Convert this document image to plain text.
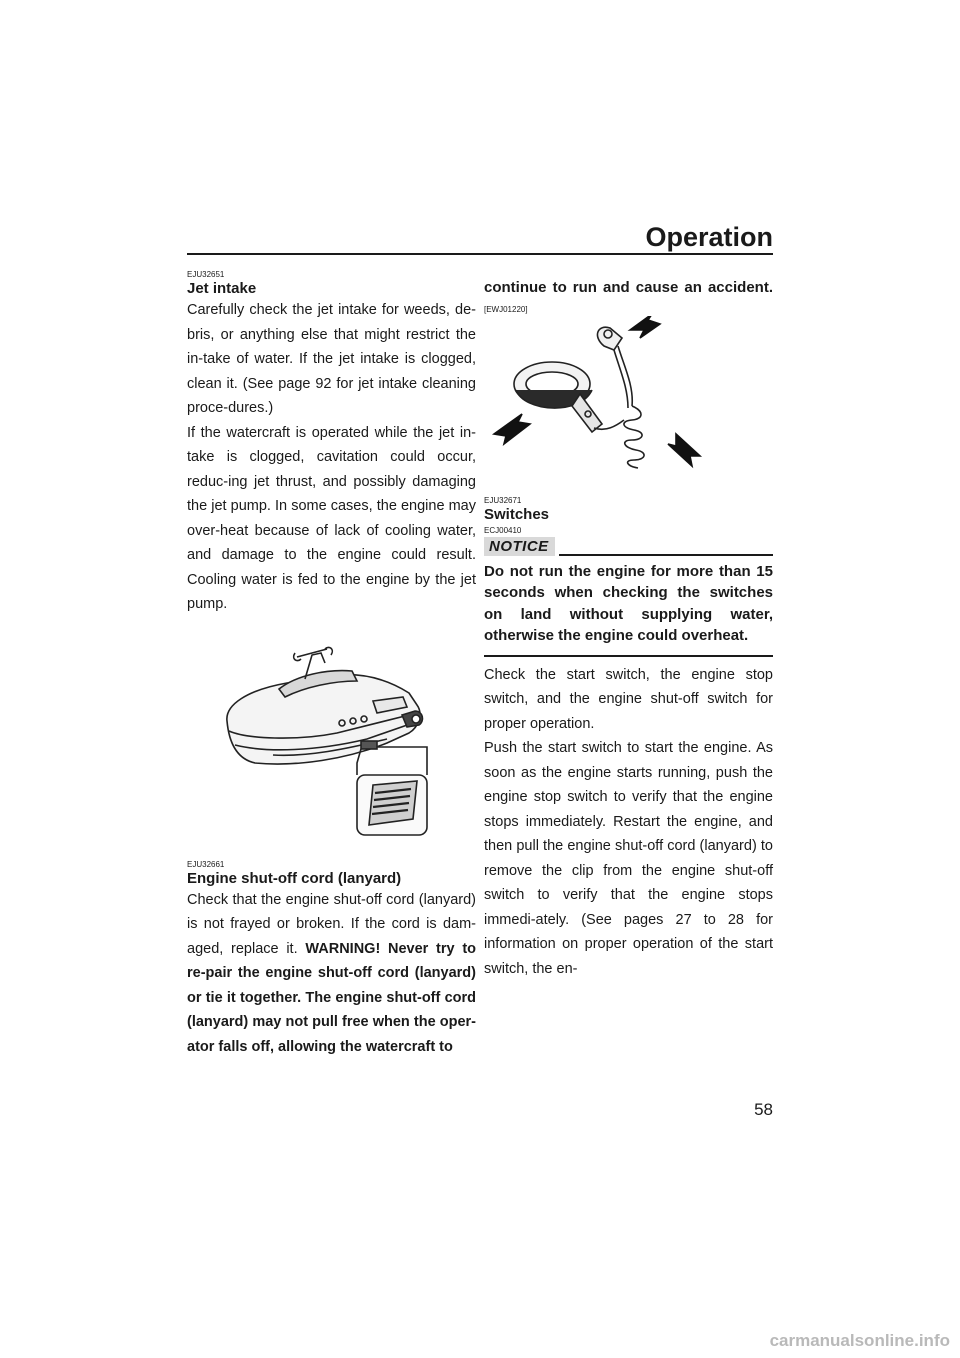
Operation

EJU32651

Jet intake

Carefully check the jet intake for weeds, de-bris, or anything else that might restrict the in-take of water. If the jet intake is clogged, clean it. (See page 92 for jet intake cleaning proce-dures.)

If the watercraft is operated while the jet in-take is clogged, cavitation could occur, reduc-ing jet thrust, and possibly damaging the jet pump. In some cases, the engine may over-heat because of lack of cooling water, and damage to the engine could result. Cooling water is fed to the engine by the jet pump.

EJU32661

Engine shut-off cord (lanyard)

Check that the engine shut-off cord (lanyard) is not frayed or broken. If the cord is dam-aged, replace it. WARNING! Never try to re-pair the engine shut-off cord (lanyard) or tie it together. The engine shut-off cord (lanyard) may not pull free when the oper-ator falls off, allowing the watercraft to

continue to run and cause an accident.

[EWJ01220]

EJU32671

Switches

ECJ00410

NOTICE

Do not run the engine for more than 15 seconds when checking the switches on land without supplying water, otherwise the engine could overheat.

Check the start switch, the engine stop switch, and the engine shut-off switch for proper operation.

Push the start switch to start the engine. As soon as the engine starts running, push the engine stop switch to verify that the engine stops immediately. Restart the engine, and then pull the engine shut-off cord (lanyard) to remove the clip from the engine shut-off switch to verify that the engine stops immedi-ately. (See pages 27 to 28 for information on proper operation of the start switch, the en-

58
carmanualsonline.info
